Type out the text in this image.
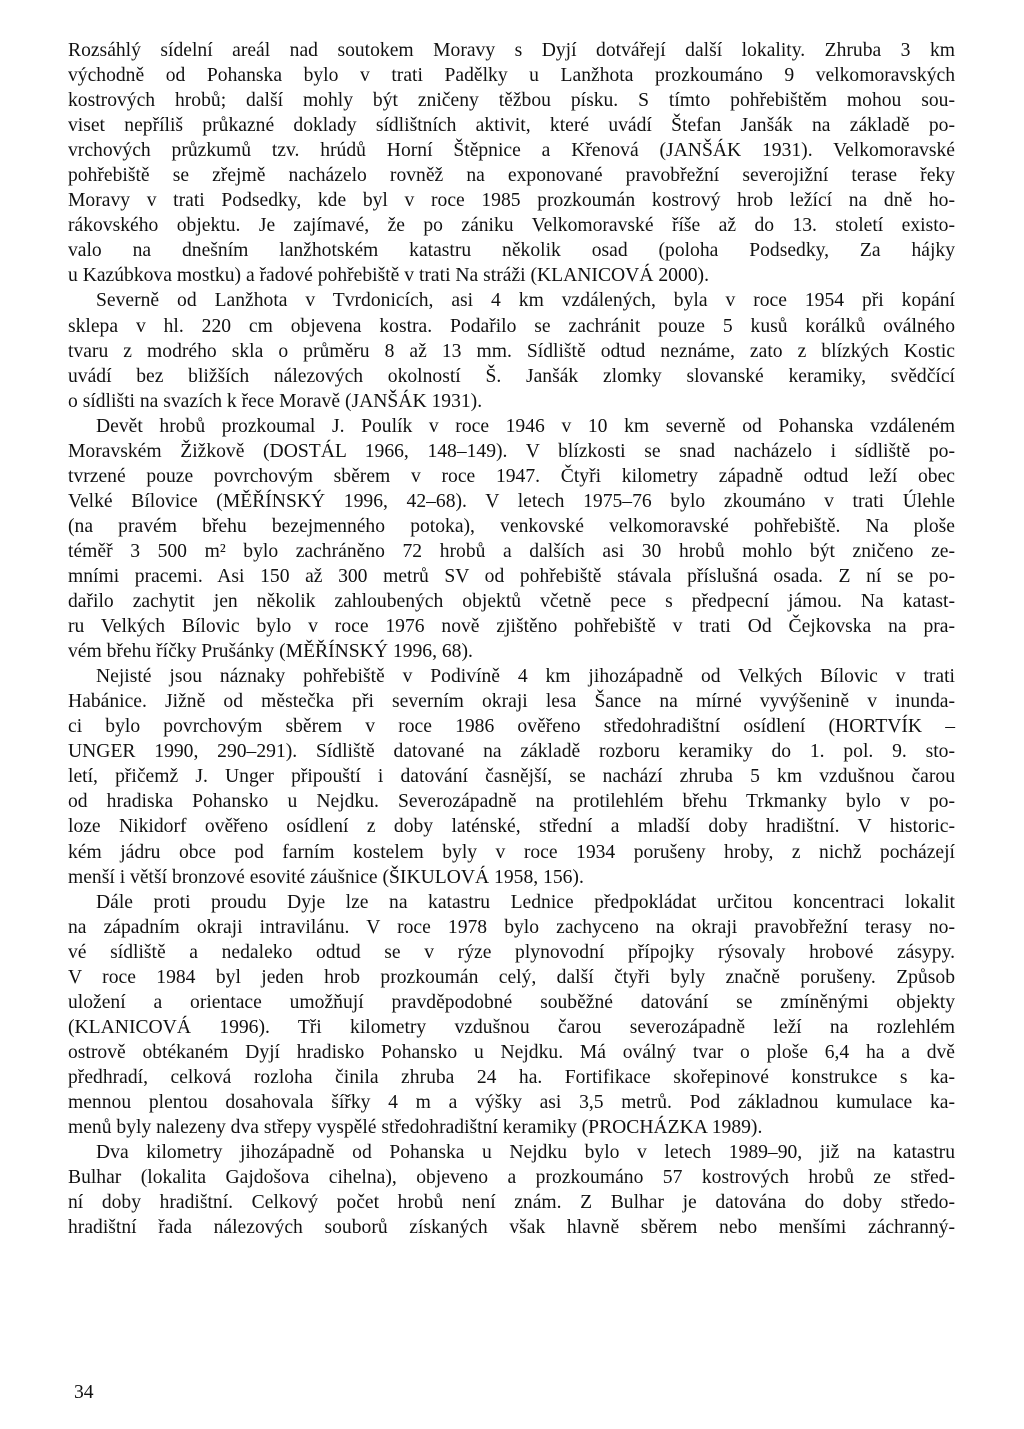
Rozsáhlý sídelní areál nad soutokem Moravy s Dyjí dotvářejí další lokality. Zhruba 3 km
východně od Pohanska bylo v trati Padělky u Lanžhota prozkoumáno 9 velkomoravských
kostrových hrobů; další mohly být zničeny těžbou písku. S tímto pohřebištěm mohou sou-
viset nepříliš průkazné doklady sídlištních aktivit, které uvádí Štefan Janšák na základě po-
vrchových průzkumů tzv. hrúdů Horní Štěpnice a Křenová (JANŠÁK 1931). Velkomoravské
pohřebiště se zřejmě nacházelo rovněž na exponované pravobřežní severojižní terase řeky
Moravy v trati Podsedky, kde byl v roce 1985 prozkoumán kostrový hrob ležící na dně ho-
rákovského objektu. Je zajímavé, že po zániku Velkomoravské říše až do 13. století existo-
valo na dnešním lanžhotském katastru několik osad (poloha Podsedky, Za hájky
u Kazúbkova mostku) a řadové pohřebiště v trati Na stráži (KLANICOVÁ 2000).
Severně od Lanžhota v Tvrdonicích, asi 4 km vzdálených, byla v roce 1954 při kopání
sklepa v hl. 220 cm objevena kostra. Podařilo se zachránit pouze 5 kusů korálků oválného
tvaru z modrého skla o průměru 8 až 13 mm. Sídliště odtud neznáme, zato z blízkých Kostic
uvádí bez bližších nálezových okolností Š. Janšák zlomky slovanské keramiky, svědčící
o sídlišti na svazích k řece Moravě (JANŠÁK 1931).
Devět hrobů prozkoumal J. Poulík v roce 1946 v 10 km severně od Pohanska vzdáleném
Moravském Žižkově (DOSTÁL 1966, 148–149). V blízkosti se snad nacházelo i sídliště po-
tvrzené pouze povrchovým sběrem v roce 1947. Čtyři kilometry západně odtud leží obec
Velké Bílovice (MĚŘÍNSKÝ 1996, 42–68). V letech 1975–76 bylo zkoumáno v trati Úlehle
(na pravém břehu bezejmenného potoka), venkovské velkomoravské pohřebiště. Na ploše
téměř 3 500 m² bylo zachráněno 72 hrobů a dalších asi 30 hrobů mohlo být zničeno ze-
mními pracemi. Asi 150 až 300 metrů SV od pohřebiště stávala příslušná osada. Z ní se po-
dařilo zachytit jen několik zahloubených objektů včetně pece s předpecní jámou. Na katast-
ru Velkých Bílovic bylo v roce 1976 nově zjištěno pohřebiště v trati Od Čejkovska na pra-
vém břehu říčky Prušánky (MĚŘÍNSKÝ 1996, 68).
Nejisté jsou náznaky pohřebiště v Podivíně 4 km jihozápadně od Velkých Bílovic v trati
Habánice. Jižně od městečka při severním okraji lesa Šance na mírné vyvýšenině v inunda-
ci bylo povrchovým sběrem v roce 1986 ověřeno středohradištní osídlení (HORTVÍK –
UNGER 1990, 290–291). Sídliště datované na základě rozboru keramiky do 1. pol. 9. sto-
letí, přičemž J. Unger připouští i datování časnější, se nachází zhruba 5 km vzdušnou čarou
od hradiska Pohansko u Nejdku. Severozápadně na protilehlém břehu Trkmanky bylo v po-
loze Nikidorf ověřeno osídlení z doby laténské, střední a mladší doby hradištní. V historic-
kém jádru obce pod farním kostelem byly v roce 1934 porušeny hroby, z nichž pocházejí
menší i větší bronzové esovité záušnice (ŠIKULOVÁ 1958, 156).
Dále proti proudu Dyje lze na katastru Lednice předpokládat určitou koncentraci lokalit
na západním okraji intravilánu. V roce 1978 bylo zachyceno na okraji pravobřežní terasy no-
vé sídliště a nedaleko odtud se v rýze plynovodní přípojky rýsovaly hrobové zásypy.
V roce 1984 byl jeden hrob prozkoumán celý, další čtyři byly značně porušeny. Způsob
uložení a orientace umožňují pravděpodobné souběžné datování se zmíněnými objekty
(KLANICOVÁ 1996). Tři kilometry vzdušnou čarou severozápadně leží na rozlehlém
ostrově obtékaném Dyjí hradisko Pohansko u Nejdku. Má oválný tvar o ploše 6,4 ha a dvě
předhradí, celková rozloha činila zhruba 24 ha. Fortifikace skořepinové konstrukce s ka-
mennou plentou dosahovala šířky 4 m a výšky asi 3,5 metrů. Pod základnou kumulace ka-
menů byly nalezeny dva střepy vyspělé středohradištní keramiky (PROCHÁZKA 1989).
Dva kilometry jihozápadně od Pohanska u Nejdku bylo v letech 1989–90, již na katastru
Bulhar (lokalita Gajdošova cihelna), objeveno a prozkoumáno 57 kostrových hrobů ze střed-
ní doby hradištní. Celkový počet hrobů není znám. Z Bulhar je datována do doby středo-
hradištní řada nálezových souborů získaných však hlavně sběrem nebo menšími záchranný-
34
